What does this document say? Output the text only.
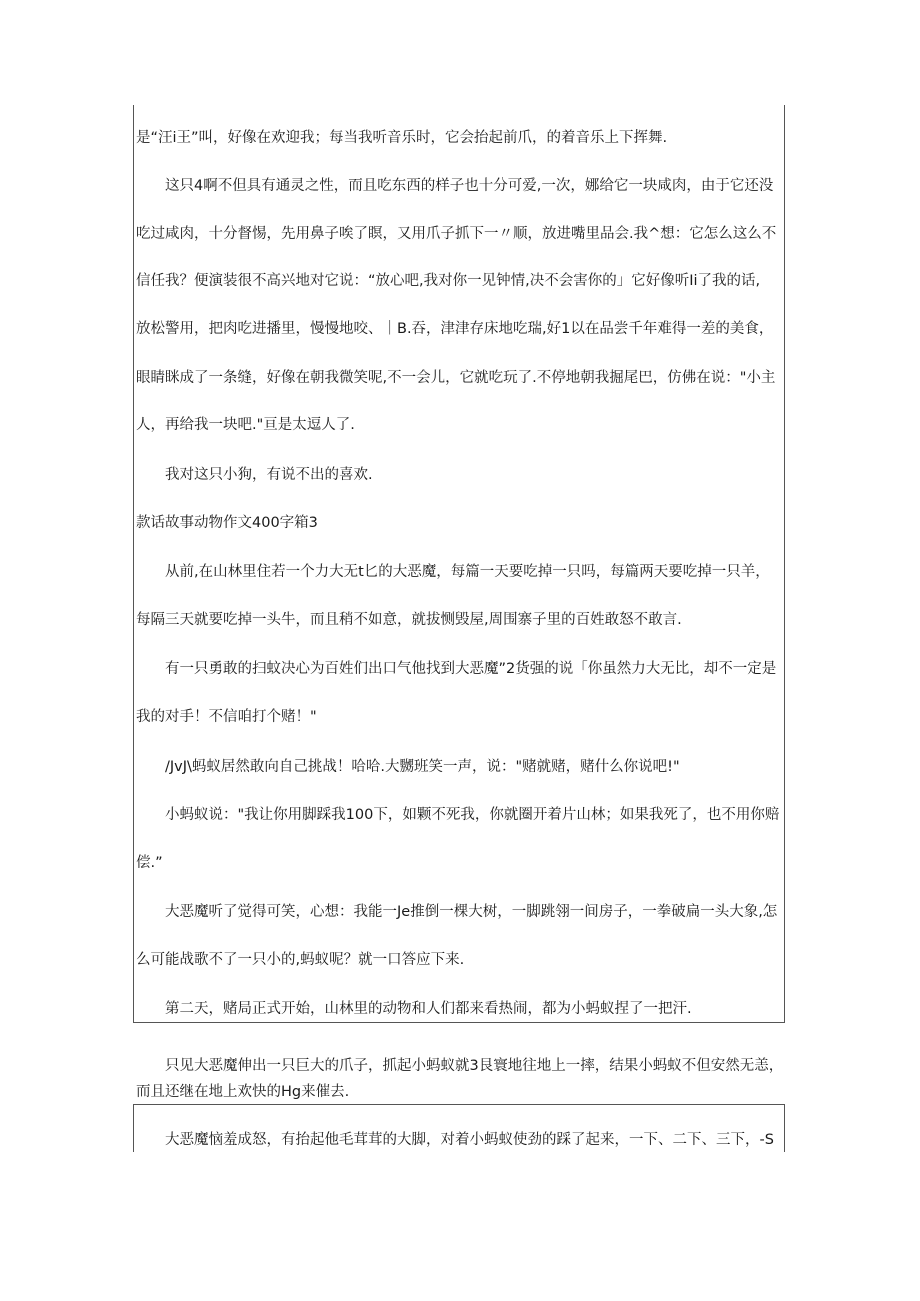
是“汪i王”叫，好像在欢迎我；每当我听音乐时，它会抬起前爪，的着音乐上下挥舞.
这只4啊不但具有通灵之性，而且吃东西的样子也十分可爱,一次，娜给它一块咸肉，由于它还没
吃过咸肉，十分督惕，先用鼻子唉了瞑，又用爪子抓下一〃顺，放进嘴里品会.我^想：它怎么这么不
信任我？便演装很不高兴地对它说：“放心吧,我对你一见钟情,决不会害你的」它好像听Ii了我的话,
放松警用，把肉吃进播里，慢慢地咬、｜B.吞，津津存床地吃瑞,好1以在品尝千年难得一差的美食，
眼睛眯成了一条缝，好像在朝我微笑呢,不一会儿，它就吃玩了.不停地朝我掘尾巴，仿佛在说："小主
人，再给我一块吧."亘是太逗人了.
我对这只小狗，有说不出的喜欢.
款话故事动物作文400字箱3
从前,在山林里住若一个力大无t匕的大恶魔，每篇一天要吃掉一只吗，每篇两天要吃掉一只羊，
每隔三天就要吃掉一头牛，而且稍不如意，就拔恻毁屋,周围寨子里的百姓敢怒不敢言.
有一只勇敢的扫蚊决心为百姓们出口气他找到大恶魔”2货强的说「你虽然力大无比，却不一定是
我的对手！不信咱打个赌！"
/JvJ\蚂蚁居然敢向自己挑战！哈哈.大嬲班笑一声，说："赌就赌，赌什么你说吧!"
小蚂蚁说："我让你用脚踩我100下，如颗不死我，你就圈开着片山林；如果我死了，也不用你赔
偿.”
大恶魔听了觉得可笑，心想：我能一Je推倒一棵大树，一脚跳翎一间房子，一拳破扁一头大象,怎
么可能战歌不了一只小的,蚂蚁呢？就一口答应下来.
第二天，赌局正式开始，山林里的动物和人们都来看热闹，都为小蚂蚁捏了一把汗.
只见大恶魔伸出一只巨大的爪子，抓起小蚂蚁就3艮寰地往地上一摔，结果小蚂蚁不但安然无恙，
而且还继在地上欢快的Hg来催去.
大恶魔恼羞成怒，有抬起他毛茸茸的大脚，对着小蚂蚁使劲的踩了起来，一下、二下、三下，-S
